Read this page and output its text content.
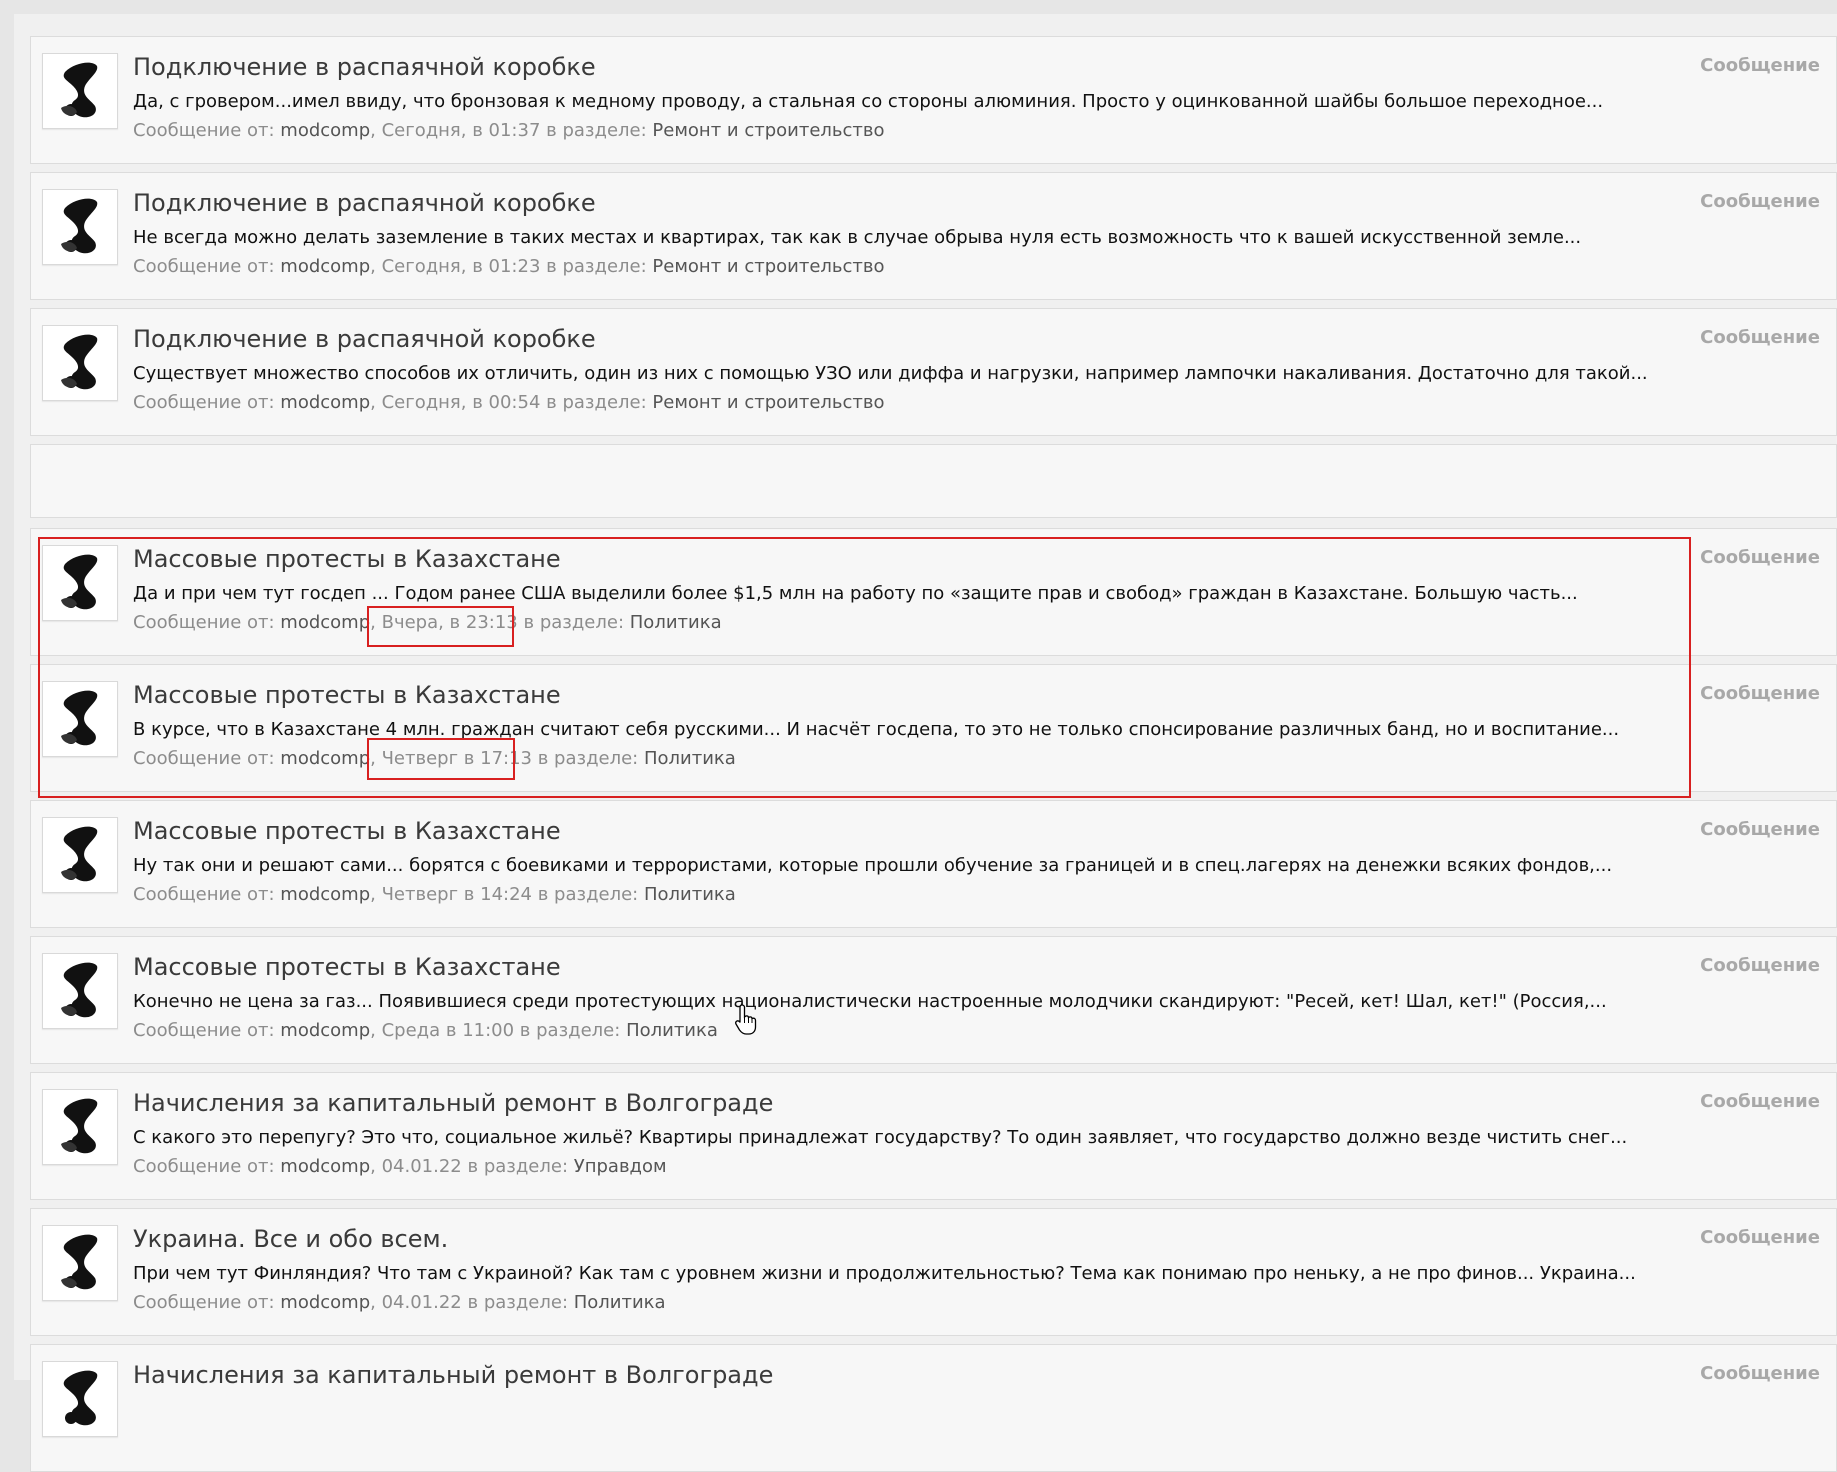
Подключение в распаячной коробке
Да, с гровером...имел ввиду, что бронзовая к медному проводу, а стальная со стороны алюминия. Просто у оцинкованной шайбы большое переходное...
Сообщение от: modcomp, Сегодня, в 01:37 в разделе: Ремонт и строительство
Сообщение
Подключение в распаячной коробке
Не всегда можно делать заземление в таких местах и квартирах, так как в случае обрыва нуля есть возможность что к вашей искусственной земле...
Сообщение от: modcomp, Сегодня, в 01:23 в разделе: Ремонт и строительство
Сообщение
Подключение в распаячной коробке
Существует множество способов их отличить, один из них с помощью УЗО или диффа и нагрузки, например лампочки накаливания. Достаточно для такой...
Сообщение от: modcomp, Сегодня, в 00:54 в разделе: Ремонт и строительство
Сообщение
Массовые протесты в Казахстане
Да и при чем тут госдеп ... Годом ранее США выделили более $1,5 млн на работу по «защите прав и свобод» граждан в Казахстане. Большую часть...
Сообщение от: modcomp, Вчера, в 23:13 в разделе: Политика
Сообщение
Массовые протесты в Казахстане
В курсе, что в Казахстане 4 млн. граждан считают себя русскими... И насчёт госдепа, то это не только спонсирование различных банд, но и воспитание...
Сообщение от: modcomp, Четверг в 17:13 в разделе: Политика
Сообщение
Массовые протесты в Казахстане
Ну так они и решают сами... борятся с боевиками и террористами, которые прошли обучение за границей и в спец.лагерях на денежки всяких фондов,...
Сообщение от: modcomp, Четверг в 14:24 в разделе: Политика
Сообщение
Массовые протесты в Казахстане
Конечно не цена за газ... Появившиеся среди протестующих националистически настроенные молодчики скандируют: "Ресей, кет! Шал, кет!" (Россия,...
Сообщение от: modcomp, Среда в 11:00 в разделе: Политика
Сообщение
Начисления за капитальный ремонт в Волгограде
С какого это перепугу? Это что, социальное жильё? Квартиры принадлежат государству? То один заявляет, что государство должно везде чистить снег...
Сообщение от: modcomp, 04.01.22 в разделе: Управдом
Сообщение
Украина. Все и обо всем.
При чем тут Финляндия? Что там с Украиной? Как там с уровнем жизни и продолжительностью? Тема как понимаю про неньку, а не про финов... Украина...
Сообщение от: modcomp, 04.01.22 в разделе: Политика
Сообщение
Начисления за капитальный ремонт в Волгограде	Сообщение
